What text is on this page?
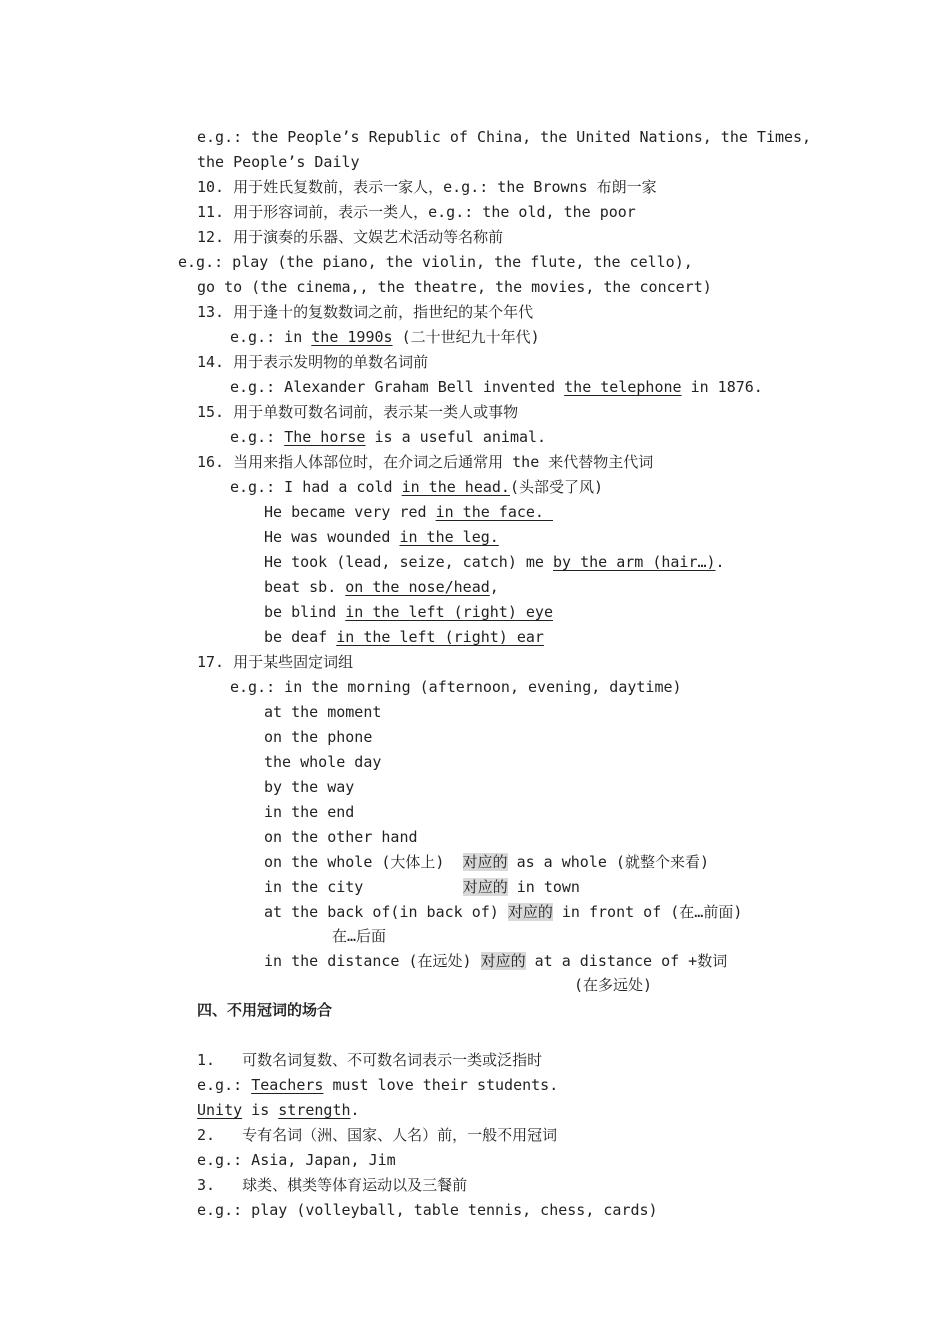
e.g.: the People’s Republic of China, the United Nations, the Times,
the People’s Daily
10. 用于姓氏复数前，表示一家人，e.g.: the Browns 布朗一家
11. 用于形容词前，表示一类人，e.g.: the old, the poor
12. 用于演奏的乐器、文娱艺术活动等名称前
e.g.: play (the piano, the violin, the flute, the cello),
go to (the cinema,, the theatre, the movies, the concert)
13. 用于逢十的复数数词之前，指世纪的某个年代
e.g.: in the 1990s (二十世纪九十年代)
14. 用于表示发明物的单数名词前
e.g.: Alexander Graham Bell invented the telephone in 1876.
15. 用于单数可数名词前，表示某一类人或事物
e.g.: The horse is a useful animal.
16. 当用来指人体部位时，在介词之后通常用 the 来代替物主代词
e.g.: I had a cold in the head.(头部受了风)
He became very red in the face.
He was wounded in the leg.
He took (lead, seize, catch) me by the arm (hair…).
beat sb. on the nose/head,
be blind in the left (right) eye
be deaf in the left (right) ear
17. 用于某些固定词组
e.g.: in the morning (afternoon, evening, daytime)
at the moment
on the phone
the whole day
by the way
in the end
on the other hand
on the whole (大体上)  对应的 as a whole (就整个来看)
in the city           对应的 in town
at the back of(in back of) 对应的 in front of (在…前面)
在…后面
in the distance (在远处) 对应的 at a distance of +数词
(在多远处)
四、不用冠词的场合
1.   可数名词复数、不可数名词表示一类或泛指时
e.g.: Teachers must love their students.
Unity is strength.
2.   专有名词（洲、国家、人名）前，一般不用冠词
e.g.: Asia, Japan, Jim
3.   球类、棋类等体育运动以及三餐前
e.g.: play (volleyball, table tennis, chess, cards)
